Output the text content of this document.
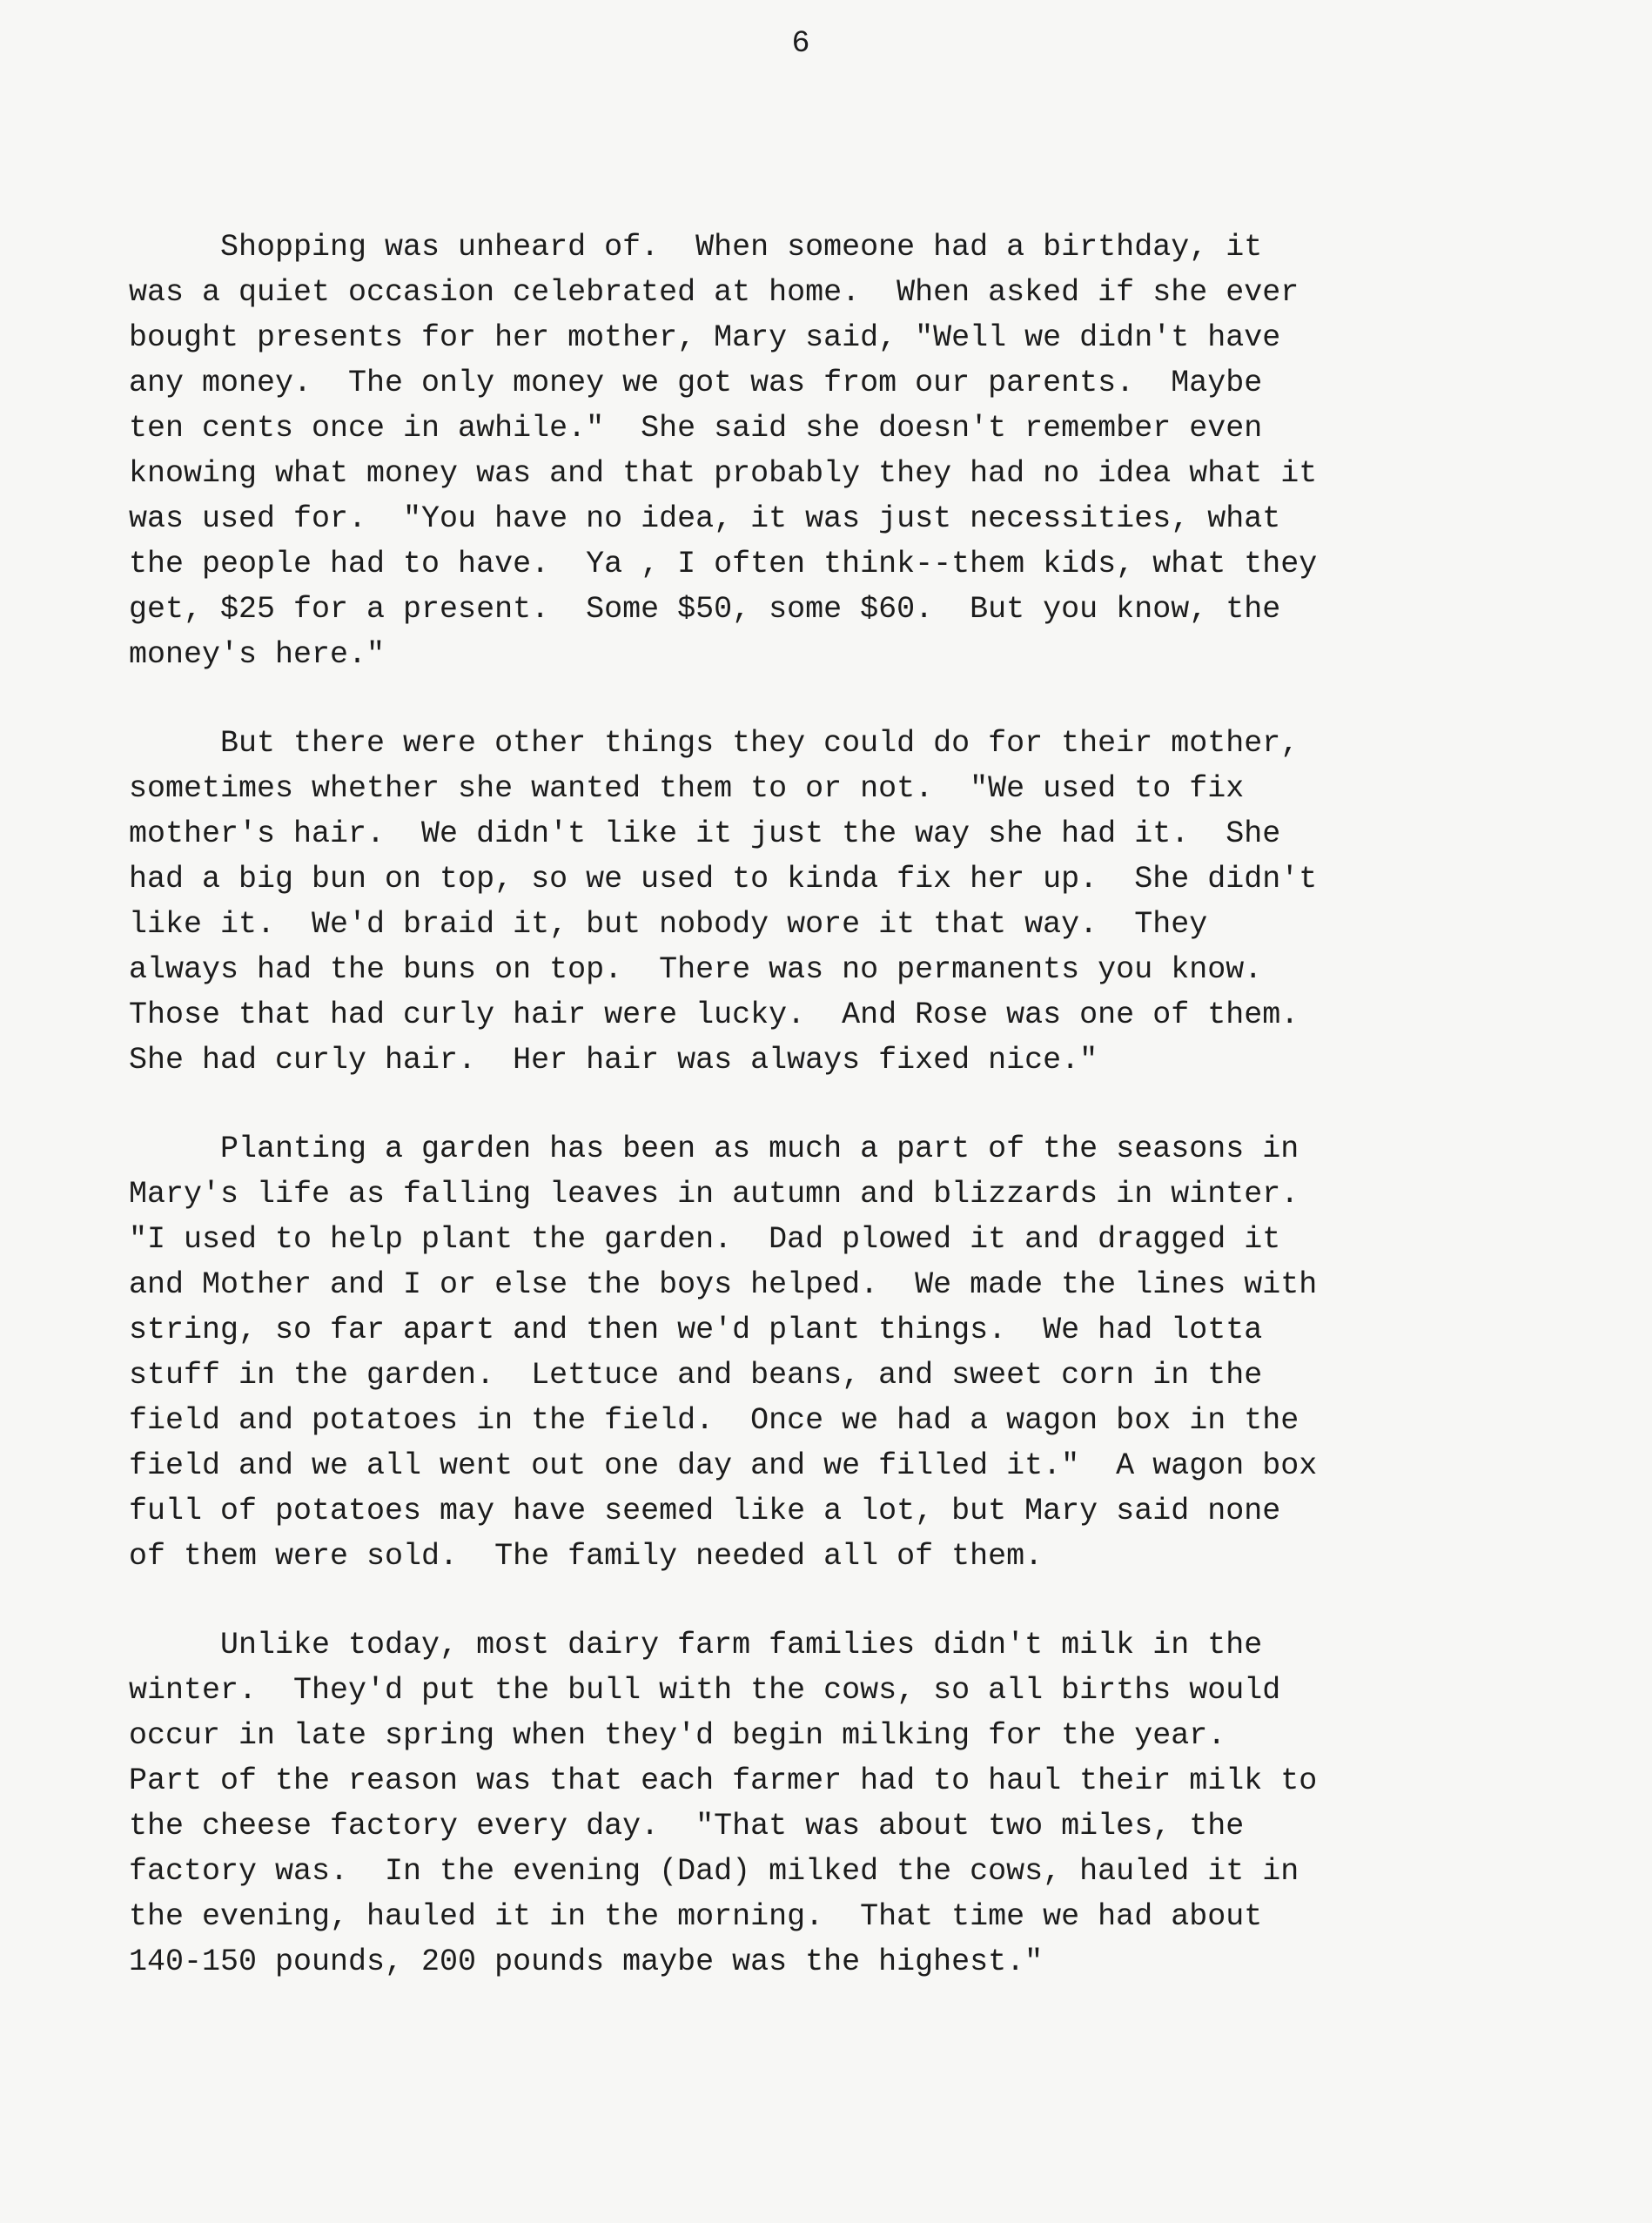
6

Shopping was unheard of.  When someone had a birthday, it
was a quiet occasion celebrated at home.  When asked if she ever
bought presents for her mother, Mary said, "Well we didn't have
any money.  The only money we got was from our parents.  Maybe
ten cents once in awhile."  She said she doesn't remember even
knowing what money was and that probably they had no idea what it
was used for.  "You have no idea, it was just necessities, what
the people had to have.  Ya , I often think--them kids, what they
get, $25 for a present.  Some $50, some $60.  But you know, the
money's here."

But there were other things they could do for their mother,
sometimes whether she wanted them to or not.  "We used to fix
mother's hair.  We didn't like it just the way she had it.  She
had a big bun on top, so we used to kinda fix her up.  She didn't
like it.  We'd braid it, but nobody wore it that way.  They
always had the buns on top.  There was no permanents you know.
Those that had curly hair were lucky.  And Rose was one of them.
She had curly hair.  Her hair was always fixed nice."

Planting a garden has been as much a part of the seasons in
Mary's life as falling leaves in autumn and blizzards in winter.
"I used to help plant the garden.  Dad plowed it and dragged it
and Mother and I or else the boys helped.  We made the lines with
string, so far apart and then we'd plant things.  We had lotta
stuff in the garden.  Lettuce and beans, and sweet corn in the
field and potatoes in the field.  Once we had a wagon box in the
field and we all went out one day and we filled it."  A wagon box
full of potatoes may have seemed like a lot, but Mary said none
of them were sold.  The family needed all of them.

Unlike today, most dairy farm families didn't milk in the
winter.  They'd put the bull with the cows, so all births would
occur in late spring when they'd begin milking for the year.
Part of the reason was that each farmer had to haul their milk to
the cheese factory every day.  "That was about two miles, the
factory was.  In the evening (Dad) milked the cows, hauled it in
the evening, hauled it in the morning.  That time we had about
140-150 pounds, 200 pounds maybe was the highest."
